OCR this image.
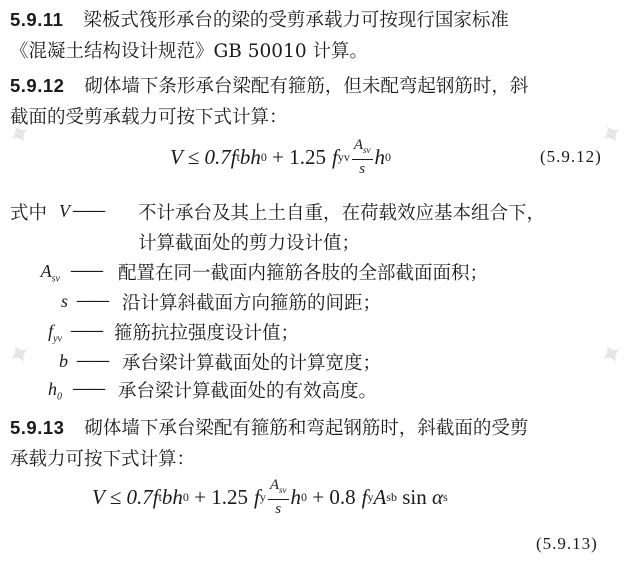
✦	✦
✦	✦
5.9.11 梁板式筏形承台的梁的受剪承载力可按现行国家标准
《混凝土结构设计规范》GB 50010 计算。
5.9.12 砌体墙下条形承台梁配有箍筋，但未配弯起钢筋时，斜
截面的受剪承载力可按下式计算：
V ≤ 0.7 f t bh 0 + 1.25 f yv $\frac{A_{sv}}{s}$ h 0	(5.9.12)
式中 V —— 不计承台及其上土自重，在荷载效应基本组合下，
计算截面处的剪力设计值；
$A_{sv}$ —— 配置在同一截面内箍筋各肢的全部截面面积；
s —— 沿计算斜截面方向箍筋的间距；
$f_{yv}$ —— 箍筋抗拉强度设计值；
b —— 承台梁计算截面处的计算宽度；
$h_0$ —— 承台梁计算截面处的有效高度。
5.9.13 砌体墙下承台梁配有箍筋和弯起钢筋时，斜截面的受剪
承载力可按下式计算：
V ≤ 0.7 f t bh 0 + 1.25 f y $\frac{A_{sv}}{s}$ h 0 + 0.8 f y A sb sin α s
(5.9.13)
